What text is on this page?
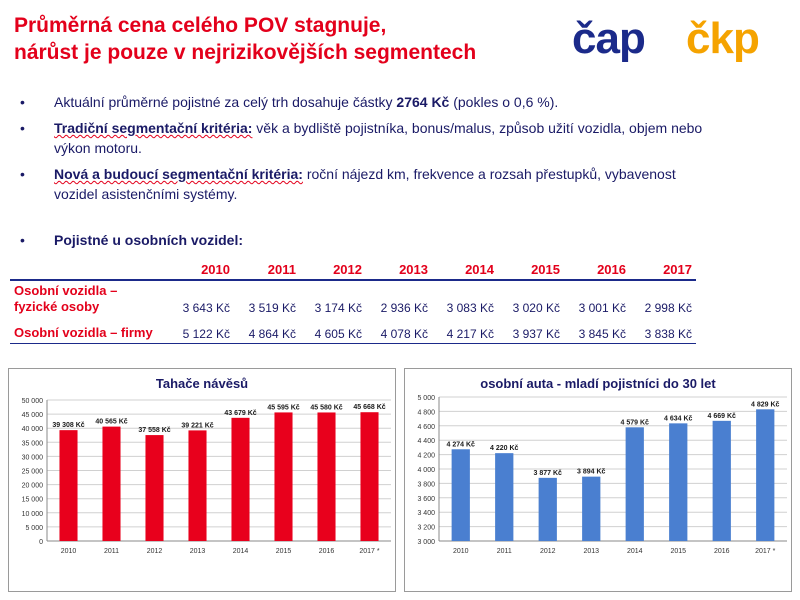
Průměrná cena celého POV stagnuje,
nárůst je pouze v nejrizikovějších segmentech	čap čkp
• Aktuální průměrné pojistné za celý trh dosahuje částky 2764 Kč (pokles o 0,6 %).
• Tradiční segmentační kritéria: věk a bydliště pojistníka, bonus/malus, způsob užití vozidla, objem nebo výkon motoru.
• Nová a budoucí segmentační kritéria: roční nájezd km, frekvence a rozsah přestupků, vybavenost vozidel asistenčními systémy.
• Pojistné u osobních vozidel:
	2010	2011	2012	2013	2014	2015	2016	2017

Osobní vozidla –
fyzické osoby	3 643 Kč	3 519 Kč	3 174 Kč	2 936 Kč	3 083 Kč	3 020 Kč	3 001 Kč	2 998 Kč
Osobní vozidla – firmy	5 122 Kč	4 864 Kč	4 605 Kč	4 078 Kč	4 217 Kč	3 937 Kč	3 845 Kč	3 838 Kč
Tahače návěsů
0
5 000
10 000
15 000
20 000
25 000
30 000
35 000
40 000
45 000
50 000
39 308 Kč
2010
40 565 Kč
2011
37 558 Kč
2012
39 221 Kč
2013
43 679 Kč
2014
45 595 Kč
2015
45 580 Kč
2016
45 668 Kč
2017 *
osobní auta - mladí pojistníci do 30 let
3 000
3 200
3 400
3 600
3 800
4 000
4 200
4 400
4 600
4 800
5 000
4 274 Kč
2010
4 220 Kč
2011
3 877 Kč
2012
3 894 Kč
2013
4 579 Kč
2014
4 634 Kč
2015
4 669 Kč
2016
4 829 Kč
2017 *
